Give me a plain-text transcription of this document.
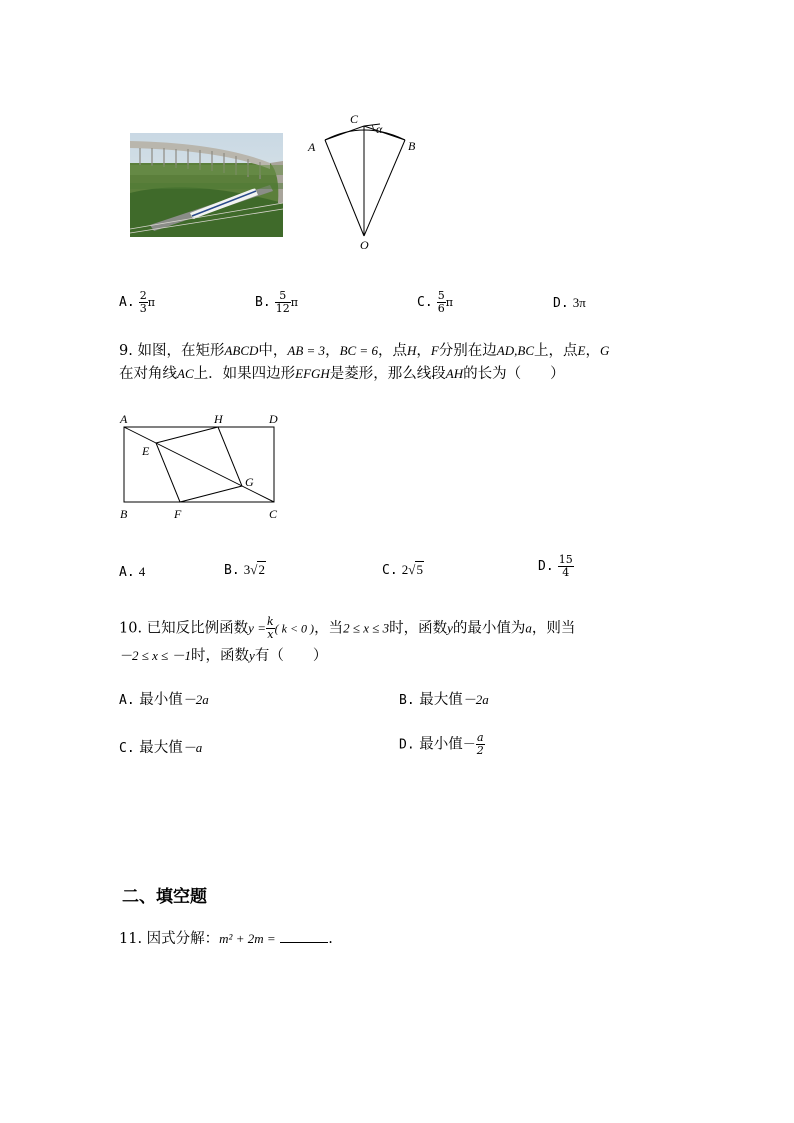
C
α
A	B
O
A. $\frac{2}{3}$ π	B. $\frac{5}{12}$ π	C. $\frac{5}{6}$ π	D. 3π
9. 如图，在矩形ABCD中，AB = 3，BC = 6，点H，F分别在边AD,BC上，点E，G
在对角线AC上．如果四边形EFGH是菱形，那么线段AH的长为（　　）
A	H	D
E
G
B	F	C
A. 4	B. 3√2	C. 2√5	D. $\frac{15}{4}$
10. 已知反比例函数$y = \frac{k}{x}$ ( k < 0 )，当2 ≤ x ≤ 3时，函数y的最小值为a，则当
－2 ≤ x ≤ －1时，函数y有（　　）
A. 最小值－2a	B. 最大值－2a
C. 最大值－a	D. 最小值－ $\frac{a}{2}$
二、填空题
11. 因式分解：m² + 2m =	.
